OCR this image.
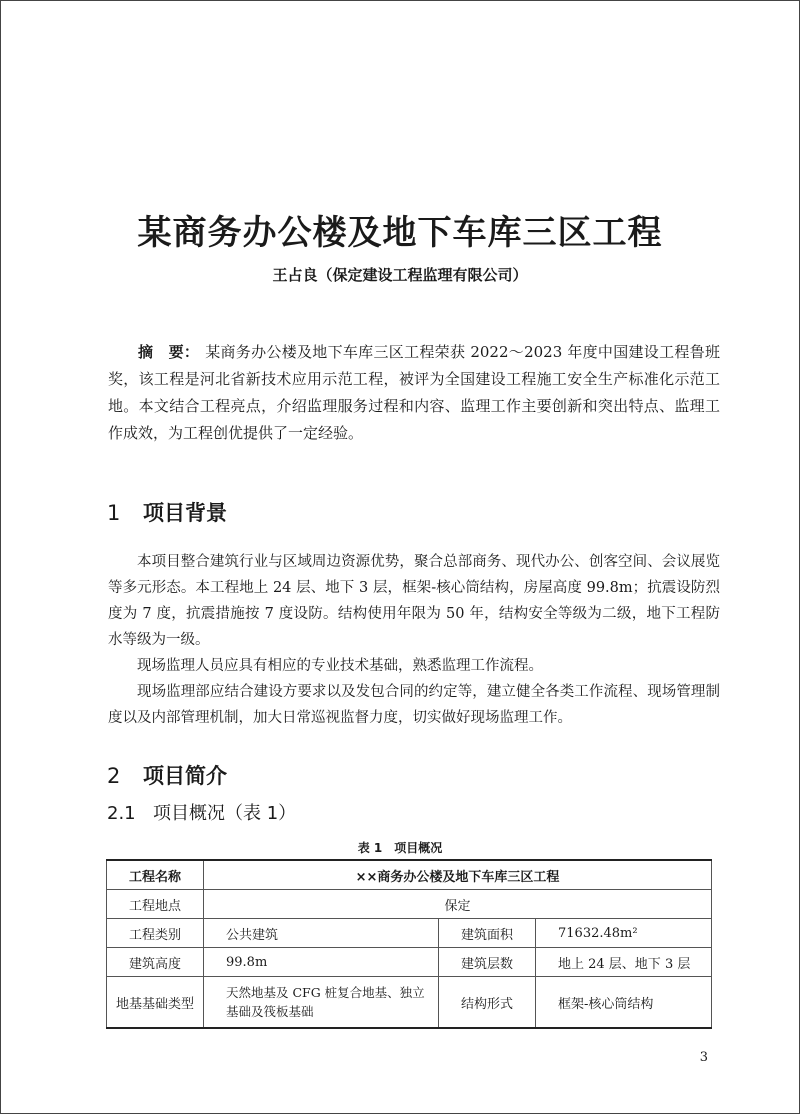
某商务办公楼及地下车库三区工程
王占良（保定建设工程监理有限公司）
摘　要： 某商务办公楼及地下车库三区工程荣获 2022～2023 年度中国建设工程鲁班奖，该工程是河北省新技术应用示范工程，被评为全国建设工程施工安全生产标准化示范工地。本文结合工程亮点，介绍监理服务过程和内容、监理工作主要创新和突出特点、监理工作成效，为工程创优提供了一定经验。
1 项目背景

本项目整合建筑行业与区域周边资源优势，聚合总部商务、现代办公、创客空间、会议展览等多元形态。本工程地上 24 层、地下 3 层，框架-核心筒结构，房屋高度 99.8m；抗震设防烈度为 7 度，抗震措施按 7 度设防。结构使用年限为 50 年，结构安全等级为二级，地下工程防水等级为一级。

现场监理人员应具有相应的专业技术基础，熟悉监理工作流程。

现场监理部应结合建设方要求以及发包合同的约定等，建立健全各类工作流程、现场管理制度以及内部管理机制，加大日常巡视监督力度，切实做好现场监理工作。

2 项目简介
2.1 项目概况（表 1）
表 1　项目概况
工程名称	××商务办公楼及地下车库三区工程		
工程地点	保定		
工程类别	公共建筑	建筑面积	71632.48m²
建筑高度	99.8m	建筑层数	地上 24 层、地下 3 层
地基基础类型	天然地基及 CFG 桩复合地基、独立基础及筏板基础	结构形式	框架-核心筒结构
3
